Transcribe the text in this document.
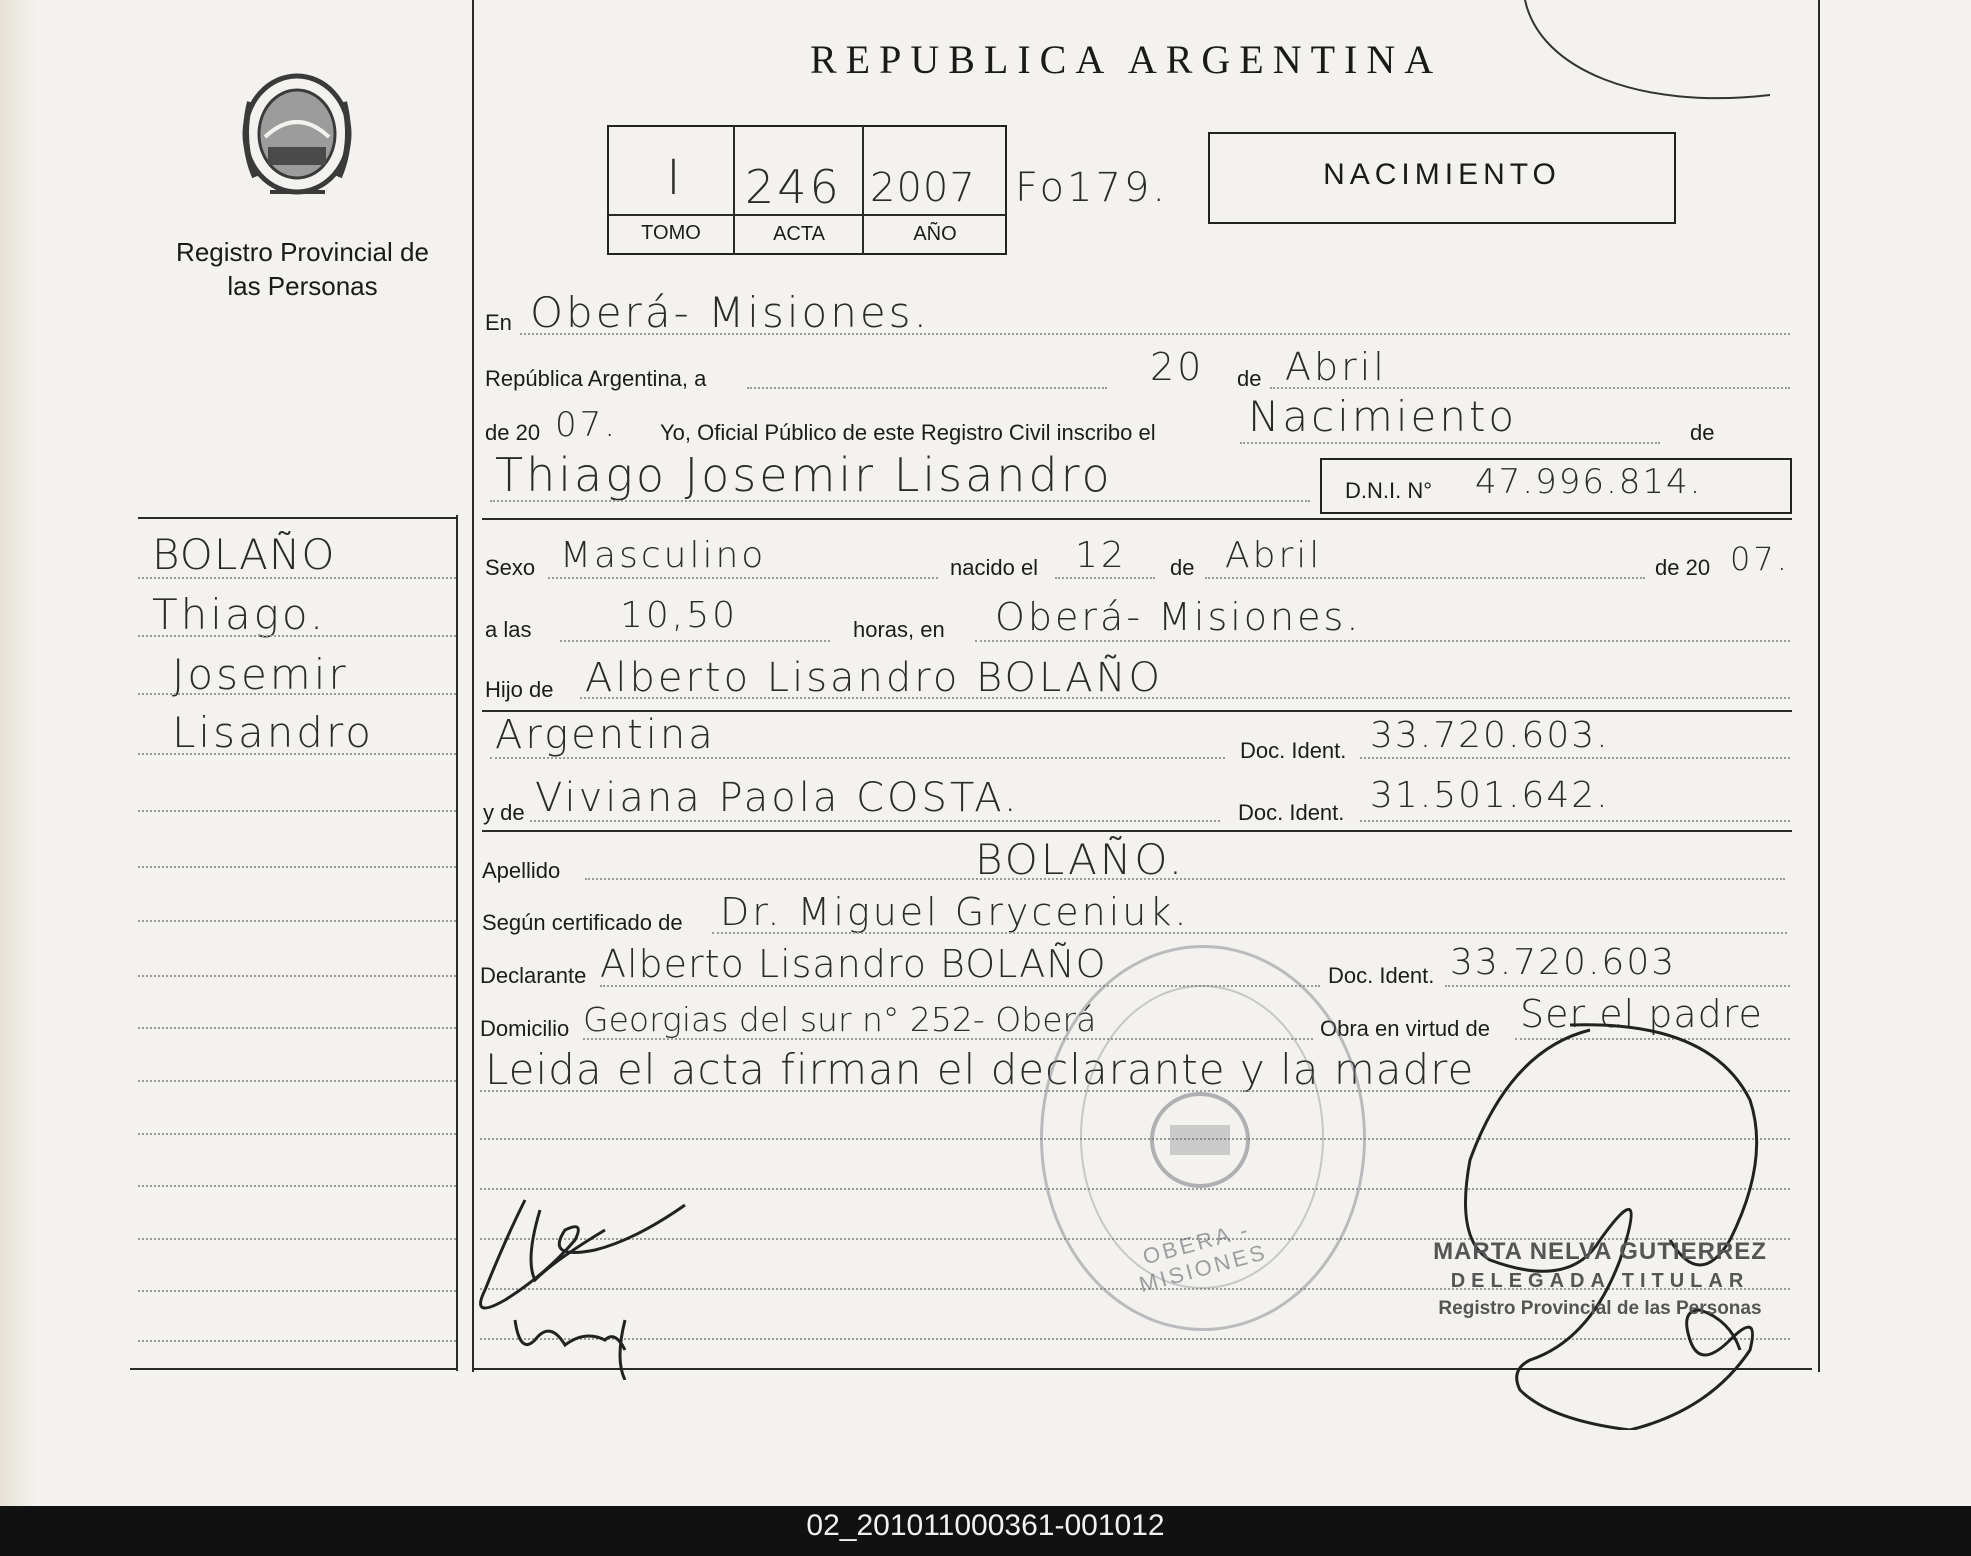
Registro Provincial de las Personas
REPUBLICA ARGENTINA
I	246 2007 Fo179.
TOMO	ACTA	AÑO
NACIMIENTO
En Oberá- Misiones.
República Argentina, a	20 de Abril
de 20 07. Yo, Oficial Público de este Registro Civil inscribo el Nacimiento	de
Thiago Josemir Lisandro	D.N.I. N° 47.996.814.
BOLAÑO
Thiago.
Josemir
Lisandro
Sexo Masculino	nacido el 12 de Abril	de 20 07.
a las 10,50	horas, en Oberá- Misiones.
Hijo de Alberto Lisandro BOLAÑO
Argentina	Doc. Ident. 33.720.603.
y de Viviana Paola COSTA.	Doc. Ident. 31.501.642.
Apellido	BOLAÑO.
Según certificado de Dr. Miguel Gryceniuk.
Declarante Alberto Lisandro BOLAÑO	Doc. Ident. 33.720.603
Domicilio Georgias del sur n° 252- Oberá	Obra en virtud de Ser el padre
Leida el acta firman el declarante y la madre
OBERA - MISIONES	MARTA NELVA GUTIERREZ
DELEGADA TITULAR
Registro Provincial de las Personas
02_201011000361-001012
